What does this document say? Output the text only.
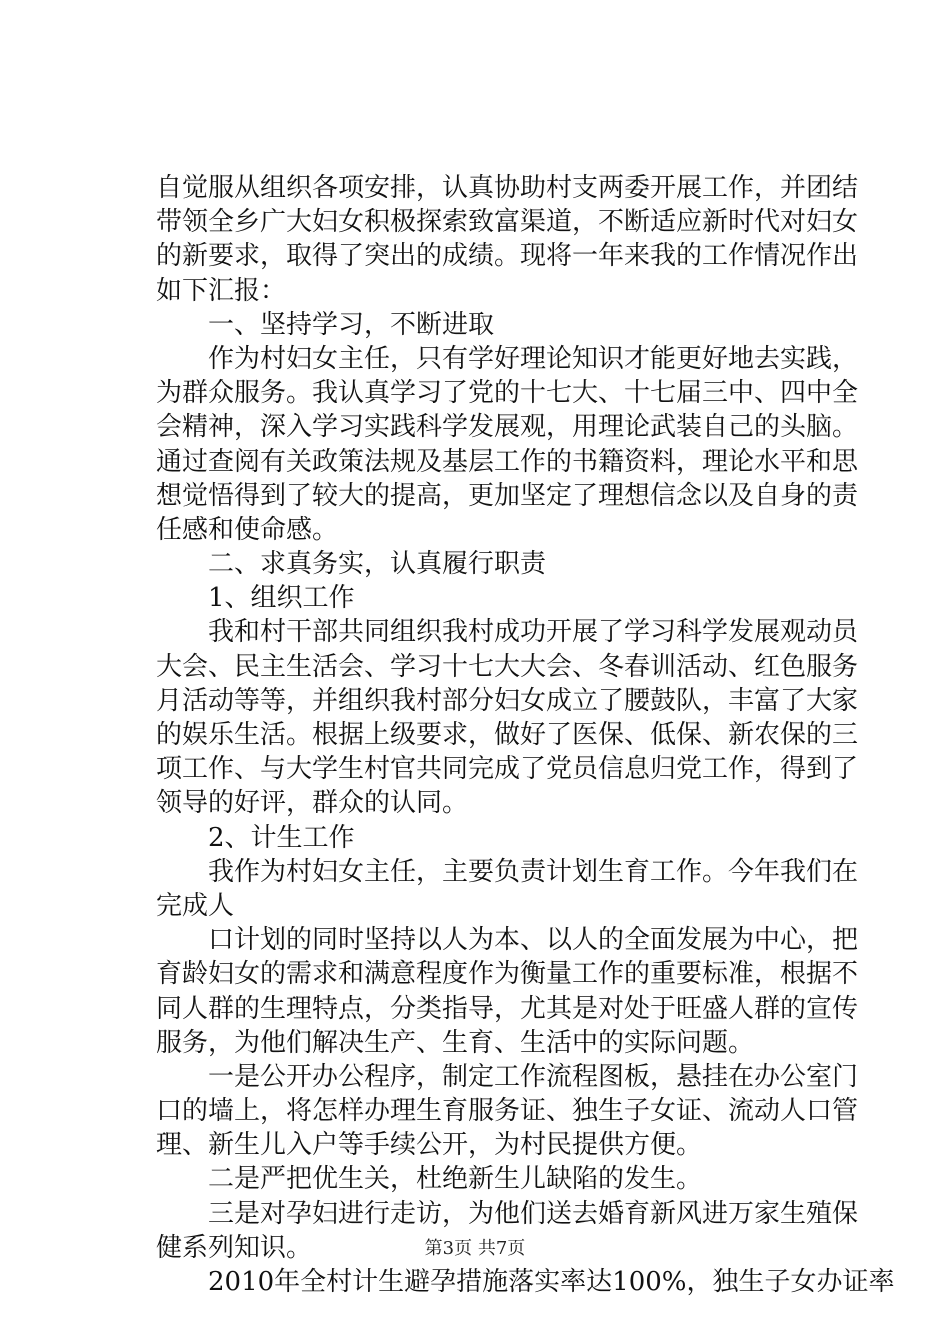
自觉服从组织各项安排，认真协助村支两委开展工作，并团结
带领全乡广大妇女积极探索致富渠道，不断适应新时代对妇女
的新要求，取得了突出的成绩。现将一年来我的工作情况作出
如下汇报：
　　一、坚持学习，不断进取
　　作为村妇女主任，只有学好理论知识才能更好地去实践，
为群众服务。我认真学习了党的十七大、十七届三中、四中全
会精神，深入学习实践科学发展观，用理论武装自己的头脑。
通过查阅有关政策法规及基层工作的书籍资料，理论水平和思
想觉悟得到了较大的提高，更加坚定了理想信念以及自身的责
任感和使命感。
　　二、求真务实，认真履行职责
　　1、组织工作
　　我和村干部共同组织我村成功开展了学习科学发展观动员
大会、民主生活会、学习十七大大会、冬春训活动、红色服务
月活动等等，并组织我村部分妇女成立了腰鼓队，丰富了大家
的娱乐生活。根据上级要求，做好了医保、低保、新农保的三
项工作、与大学生村官共同完成了党员信息归党工作，得到了
领导的好评，群众的认同。
　　2、计生工作
　　我作为村妇女主任，主要负责计划生育工作。今年我们在
完成人
　　口计划的同时坚持以人为本、以人的全面发展为中心，把
育龄妇女的需求和满意程度作为衡量工作的重要标准，根据不
同人群的生理特点，分类指导，尤其是对处于旺盛人群的宣传
服务，为他们解决生产、生育、生活中的实际问题。
　　一是公开办公程序，制定工作流程图板，悬挂在办公室门
口的墙上，将怎样办理生育服务证、独生子女证、流动人口管
理、新生儿入户等手续公开，为村民提供方便。
　　二是严把优生关，杜绝新生儿缺陷的发生。
　　三是对孕妇进行走访，为他们送去婚育新风进万家生殖保
健系列知识。
　　2010年全村计生避孕措施落实率达100%，独生子女办证率
第3页 共7页
